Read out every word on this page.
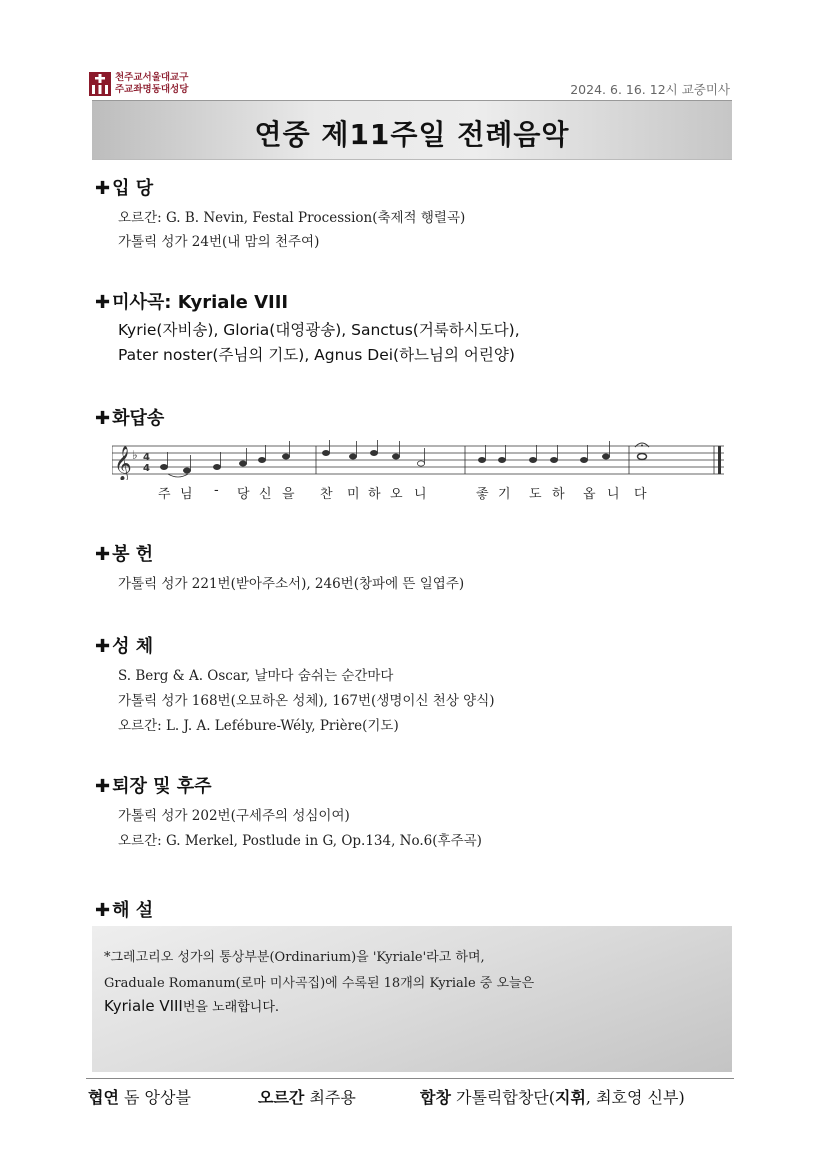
천주교서울대교구
주교좌명동대성당	2024. 6. 16. 12시 교중미사
연중 제11주일 전례음악
✚ 입 당
오르간: G. B. Nevin, Festal Procession(축제적 행렬곡)
가톨릭 성가 24번(내 맘의 천주여)
✚ 미사곡: Kyriale VIII
Kyrie(자비송), Gloria(대영광송), Sanctus(거룩하시도다),
Pater noster(주님의 기도), Agnus Dei(하느님의 어린양)
✚ 화답송
𝄞 ♭ 4
4
주 님 - 당 신 을 찬 미 하 오 니	좋 기 도 하 옵 니 다
✚ 봉 헌
가톨릭 성가 221번(받아주소서), 246번(창파에 뜬 일엽주)
✚ 성 체
S. Berg & A. Oscar, 날마다 숨쉬는 순간마다
가톨릭 성가 168번(오묘하온 성체), 167번(생명이신 천상 양식)
오르간: L. J. A. Lefébure-Wély, Prière(기도)
✚ 퇴장 및 후주
가톨릭 성가 202번(구세주의 성심이여)
오르간: G. Merkel, Postlude in G, Op.134, No.6(후주곡)
✚ 해 설
*그레고리오 성가의 통상부분(Ordinarium)을 'Kyriale'라고 하며,
Graduale Romanum(로마 미사곡집)에 수록된 18개의 Kyriale 중 오늘은
Kyriale VIII번을 노래합니다.
협연 돔 앙상블	오르간 최주용	합창 가톨릭합창단(지휘, 최호영 신부)
